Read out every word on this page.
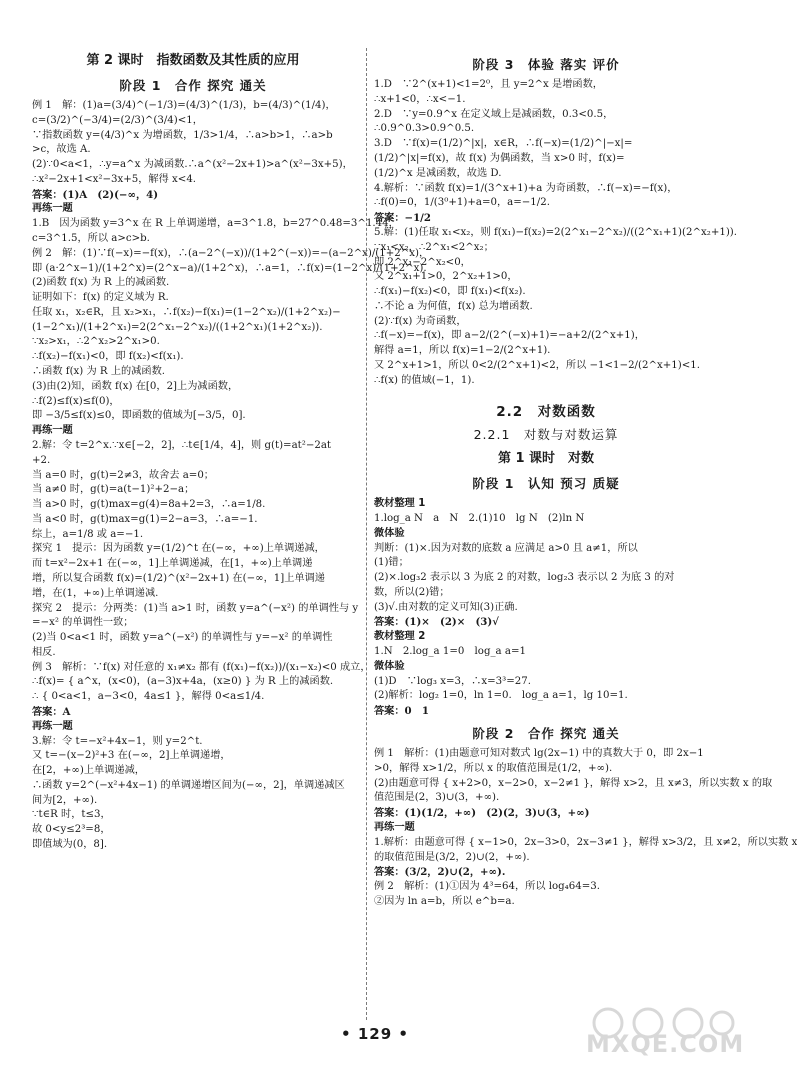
第 2 课时　指数函数及其性质的应用
阶段 1　合作 探究 通关
例 1　解：(1)a=(3/4)^(−1/3)=(4/3)^(1/3)，b=(4/3)^(1/4)，
c=(3/2)^(−3/4)=(2/3)^(3/4)<1，
∵指数函数 y=(4/3)^x 为增函数，1/3>1/4，∴a>b>1，∴a>b
>c，故选 A.
(2)∵0<a<1，∴y=a^x 为减函数.∴a^(x²−2x+1)>a^(x²−3x+5)，
∴x²−2x+1<x²−3x+5，解得 x<4.
答案：(1)A　(2)(−∞，4)
再练一题
1.B　因为函数 y=3^x 在 R 上单调递增，a=3^1.8，b=27^0.48=3^1.44，
c=3^1.5，所以 a>c>b.
例 2　解：(1)∵f(−x)=−f(x)，∴(a−2^(−x))/(1+2^(−x))=−(a−2^x)/(1+2^x)，
即 (a·2^x−1)/(1+2^x)=(2^x−a)/(1+2^x)，∴a=1，∴f(x)=(1−2^x)/(1+2^x).
(2)函数 f(x) 为 R 上的减函数.
证明如下：f(x) 的定义域为 R.
任取 x₁，x₂∈R，且 x₂>x₁，∴f(x₂)−f(x₁)=(1−2^x₂)/(1+2^x₂)−
(1−2^x₁)/(1+2^x₁)=2(2^x₁−2^x₂)/((1+2^x₁)(1+2^x₂)).
∵x₂>x₁，∴2^x₂>2^x₁>0.
∴f(x₂)−f(x₁)<0，即 f(x₂)<f(x₁).
∴函数 f(x) 为 R 上的减函数.
(3)由(2)知，函数 f(x) 在[0，2]上为减函数，
∴f(2)≤f(x)≤f(0)，
即 −3/5≤f(x)≤0，即函数的值域为[−3/5，0].
再练一题
2.解：令 t=2^x.∵x∈[−2，2]，∴t∈[1/4，4]，则 g(t)=at²−2at
+2.
当 a=0 时，g(t)=2≠3，故舍去 a=0；
当 a≠0 时，g(t)=a(t−1)²+2−a；
当 a>0 时，g(t)max=g(4)=8a+2=3，∴a=1/8.
当 a<0 时，g(t)max=g(1)=2−a=3，∴a=−1.
综上，a=1/8 或 a=−1.
探究 1　提示：因为函数 y=(1/2)^t 在(−∞，+∞)上单调递减，
而 t=x²−2x+1 在(−∞，1]上单调递减，在[1，+∞)上单调递
增，所以复合函数 f(x)=(1/2)^(x²−2x+1) 在(−∞，1]上单调递
增，在(1，+∞)上单调递减.
探究 2　提示：分两类：(1)当 a>1 时，函数 y=a^(−x²) 的单调性与 y
=−x² 的单调性一致；
(2)当 0<a<1 时，函数 y=a^(−x²) 的单调性与 y=−x² 的单调性
相反.
例 3　解析：∵f(x) 对任意的 x₁≠x₂ 都有 (f(x₁)−f(x₂))/(x₁−x₂)<0 成立，
∴f(x)= { a^x，(x<0)，(a−3)x+4a，(x≥0) } 为 R 上的减函数.
∴ { 0<a<1，a−3<0，4a≤1 }，解得 0<a≤1/4.
答案：A
再练一题
3.解：令 t=−x²+4x−1，则 y=2^t.
又 t=−(x−2)²+3 在(−∞，2]上单调递增，
在[2，+∞)上单调递减，
∴函数 y=2^(−x²+4x−1) 的单调递增区间为(−∞，2]，单调递减区
间为[2，+∞).
∵t∈R 时，t≤3，
故 0<y≤2³=8，
即值域为(0，8].
阶段 3　体验 落实 评价
1.D　∵2^(x+1)<1=2⁰，且 y=2^x 是增函数，
∴x+1<0，∴x<−1.
2.D　∵y=0.9^x 在定义域上是减函数，0.3<0.5，
∴0.9^0.3>0.9^0.5.
3.D　∵f(x)=(1/2)^|x|，x∈R，∴f(−x)=(1/2)^|−x|=
(1/2)^|x|=f(x)，故 f(x) 为偶函数，当 x>0 时，f(x)=
(1/2)^x 是减函数，故选 D.
4.解析：∵函数 f(x)=1/(3^x+1)+a 为奇函数，∴f(−x)=−f(x)，
∴f(0)=0，1/(3⁰+1)+a=0，a=−1/2.
答案：−1/2
5.解：(1)任取 x₁<x₂，则 f(x₁)−f(x₂)=2(2^x₁−2^x₂)/((2^x₁+1)(2^x₂+1)).
∵x₁<x₂，∴2^x₁<2^x₂；
即 2^x₁−2^x₂<0，
又 2^x₁+1>0，2^x₂+1>0，
∴f(x₁)−f(x₂)<0，即 f(x₁)<f(x₂).
∴不论 a 为何值，f(x) 总为增函数.
(2)∵f(x) 为奇函数，
∴f(−x)=−f(x)，即 a−2/(2^(−x)+1)=−a+2/(2^x+1)，
解得 a=1，所以 f(x)=1−2/(2^x+1).
又 2^x+1>1，所以 0<2/(2^x+1)<2，所以 −1<1−2/(2^x+1)<1.
∴f(x) 的值域(−1，1).
2.2　对数函数
2.2.1　对数与对数运算
第 1 课时　对数
阶段 1　认知 预习 质疑
教材整理 1
1.log_a N　a　N　2.(1)10　lg N　(2)ln N
微体验
判断：(1)×.因为对数的底数 a 应满足 a>0 且 a≠1，所以
(1)错；
(2)×.log₃2 表示以 3 为底 2 的对数，log₂3 表示以 2 为底 3 的对
数，所以(2)错；
(3)√.由对数的定义可知(3)正确.
答案：(1)×　(2)×　(3)√
教材整理 2
1.N　2.log_a 1=0　log_a a=1
微体验
(1)D　∵log₃ x=3，∴x=3³=27.
(2)解析：log₂ 1=0，ln 1=0.　log_a a=1，lg 10=1.
答案：0　1
阶段 2　合作 探究 通关
例 1　解析：(1)由题意可知对数式 lg(2x−1) 中的真数大于 0，即 2x−1
>0，解得 x>1/2，所以 x 的取值范围是(1/2，+∞).
(2)由题意可得 { x+2>0，x−2>0，x−2≠1 }，解得 x>2，且 x≠3，所以实数 x 的取
值范围是(2，3)∪(3，+∞).
答案：(1)(1/2，+∞)　(2)(2，3)∪(3，+∞)
再练一题
1.解析：由题意可得 { x−1>0，2x−3>0，2x−3≠1 }，解得 x>3/2，且 x≠2，所以实数 x
的取值范围是(3/2，2)∪(2，+∞).
答案：(3/2，2)∪(2，+∞).
例 2　解析：(1)①因为 4³=64，所以 log₄64=3.
②因为 ln a=b，所以 e^b=a.
• 129 •	MXQE.COM
